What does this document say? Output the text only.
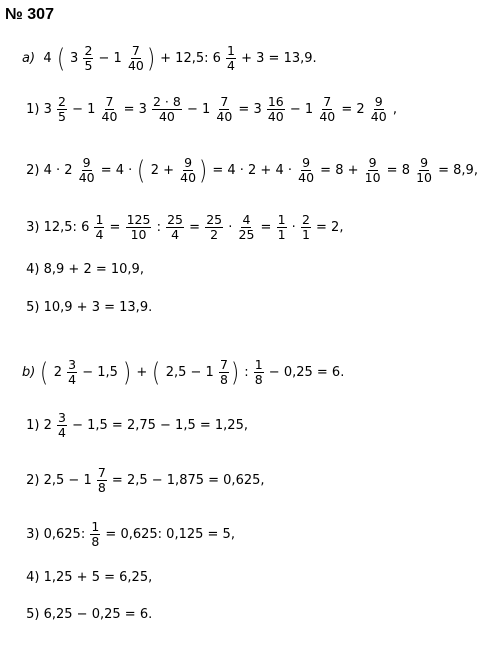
№ 307
a)
4 ( $3 \frac{2}{5} - 1 \frac{7}{40}$ ) + 12,5: $6 \frac{1}{4} + 3 = 13,9$.
1) $3 \frac{2}{5} - 1 \frac{7}{40} = 3 \frac{2 \cdot 8}{40} - 1 \frac{7}{40} = 3 \frac{16}{40} - 1 \frac{7}{40} = 2 \frac{9}{40}$ ,
2) $4 \cdot 2 \frac{9}{40} = 4$ · ( $2 + \frac{9}{40}$ ) = $4 \cdot 2 + 4 \cdot \frac{9}{40} = 8 + \frac{9}{10} = 8 \frac{9}{10} = 8,9$,
3) 12,5: $6 \frac{1}{4} = \frac{125}{10}$ : $\frac{25}{4} = \frac{25}{2} \cdot \frac{4}{25} = \frac{1}{1} \cdot \frac{2}{1} = 2$,
4) 8,9 + 2 = 10,9,
5) 10,9 + 3 = 13,9.
b)
( $2 \frac{3}{4} - 1,5$ ) + ( $2,5 - 1 \frac{7}{8}$ ) : $\frac{1}{8} - 0,25 = 6$.
1) $2 \frac{3}{4} - 1,5 = 2,75 - 1,5 = 1,25$,
2) $2,5 - 1 \frac{7}{8} = 2,5 - 1,875 = 0,625$,
3) 0,625: $\frac{1}{8} = 0,625$: 0,125 = 5,
4) 1,25 + 5 = 6,25,
5) 6,25 − 0,25 = 6.
